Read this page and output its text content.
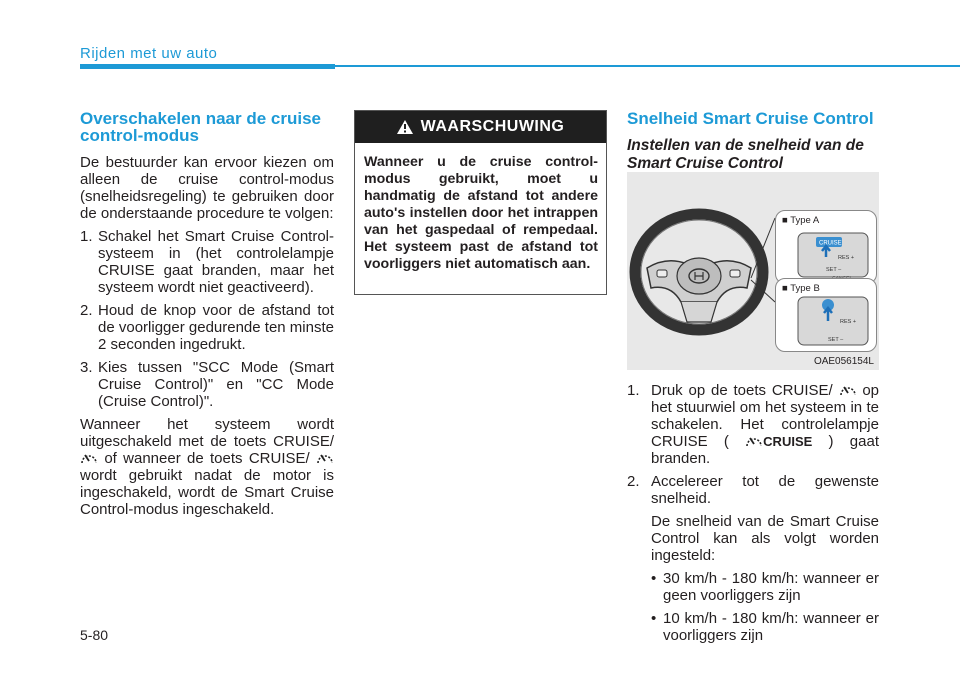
Rijden met uw auto
Overschakelen naar de cruise control-modus

De bestuurder kan ervoor kiezen om alleen de cruise control-modus (snelheidsregeling) te gebruiken door de onderstaande procedure te volgen:

1. Schakel het Smart Cruise Control-systeem in (het controlelampje CRUISE gaat branden, maar het systeem wordt niet geactiveerd).
2. Houd de knop voor de afstand tot de voorligger gedurende ten minste 2 seconden ingedrukt.
3. Kies tussen "SCC Mode (Smart Cruise Control)" en "CC Mode (Cruise Control)".

Wanneer het systeem wordt uitgeschakeld met de toets CRUISE/  of wanneer de toets CRUISE/  wordt gebruikt nadat de motor is ingeschakeld, wordt de Smart Cruise Control-modus ingeschakeld.

WAARSCHUWING
Wanneer u de cruise control-modus gebruikt, moet u handmatig de afstand tot andere auto's instellen door het intrappen van het gaspedaal of rempedaal. Het systeem past de afstand tot voorliggers niet automatisch aan.
Snelheid Smart Cruise Control
Instellen van de snelheid van de Smart Cruise Control
■ Type A
CRUISE
RES +
SET –
■ Type B
RES +
SET –
OAE056154L
1. Druk op de toets CRUISE/  op het stuurwiel om het systeem in te schakelen. Het controlelampje CRUISE (	CRUISE ) gaat branden.
2. Accelereer tot de gewenste snelheid.

De snelheid van de Smart Cruise Control kan als volgt worden ingesteld:

• 30 km/h - 180 km/h: wanneer er geen voorliggers zijn
• 10 km/h - 180 km/h: wanneer er voorliggers zijn
5-80
